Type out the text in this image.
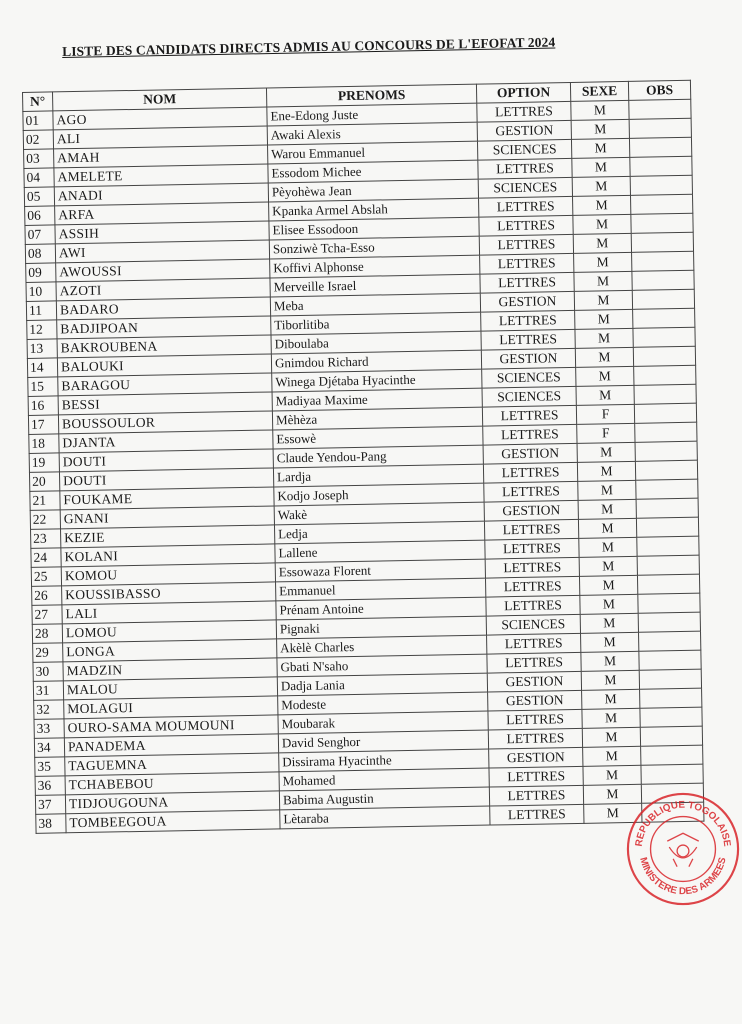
LISTE DES CANDIDATS DIRECTS ADMIS AU CONCOURS DE L'EFOFAT 2024
N°	NOM	PRENOMS	OPTION	SEXE	OBS
01	AGO	Ene-Edong Juste	LETTRES	M	
02	ALI	Awaki Alexis	GESTION	M	
03	AMAH	Warou Emmanuel	SCIENCES	M	
04	AMELETE	Essodom Michee	LETTRES	M	
05	ANADI	Pèyohèwa Jean	SCIENCES	M	
06	ARFA	Kpanka Armel Abslah	LETTRES	M	
07	ASSIH	Elisee Essodoon	LETTRES	M	
08	AWI	Sonziwè Tcha-Esso	LETTRES	M	
09	AWOUSSI	Koffivi Alphonse	LETTRES	M	
10	AZOTI	Merveille Israel	LETTRES	M	
11	BADARO	Meba	GESTION	M	
12	BADJIPOAN	Tiborlitiba	LETTRES	M	
13	BAKROUBENA	Diboulaba	LETTRES	M	
14	BALOUKI	Gnimdou Richard	GESTION	M	
15	BARAGOU	Winega Djétaba Hyacinthe	SCIENCES	M	
16	BESSI	Madiyaa Maxime	SCIENCES	M	
17	BOUSSOULOR	Mèhèza	LETTRES	F	
18	DJANTA	Essowè	LETTRES	F	
19	DOUTI	Claude Yendou-Pang	GESTION	M	
20	DOUTI	Lardja	LETTRES	M	
21	FOUKAME	Kodjo Joseph	LETTRES	M	
22	GNANI	Wakè	GESTION	M	
23	KEZIE	Ledja	LETTRES	M	
24	KOLANI	Lallene	LETTRES	M	
25	KOMOU	Essowaza Florent	LETTRES	M	
26	KOUSSIBASSO	Emmanuel	LETTRES	M	
27	LALI	Prénam Antoine	LETTRES	M	
28	LOMOU	Pignaki	SCIENCES	M	
29	LONGA	Akèlè Charles	LETTRES	M	
30	MADZIN	Gbati N'saho	LETTRES	M	
31	MALOU	Dadja Lania	GESTION	M	
32	MOLAGUI	Modeste	GESTION	M	
33	OURO-SAMA MOUMOUNI	Moubarak	LETTRES	M	
34	PANADEMA	David Senghor	LETTRES	M	
35	TAGUEMNA	Dissirama Hyacinthe	GESTION	M	
36	TCHABEBOU	Mohamed	LETTRES	M	
37	TIDJOUGOUNA	Babima Augustin	LETTRES	M	
38	TOMBEEGOUA	Lètaraba	LETTRES	M	
REPUBLIQUE TOGOLAISE
MINISTERE DES ARMEES
